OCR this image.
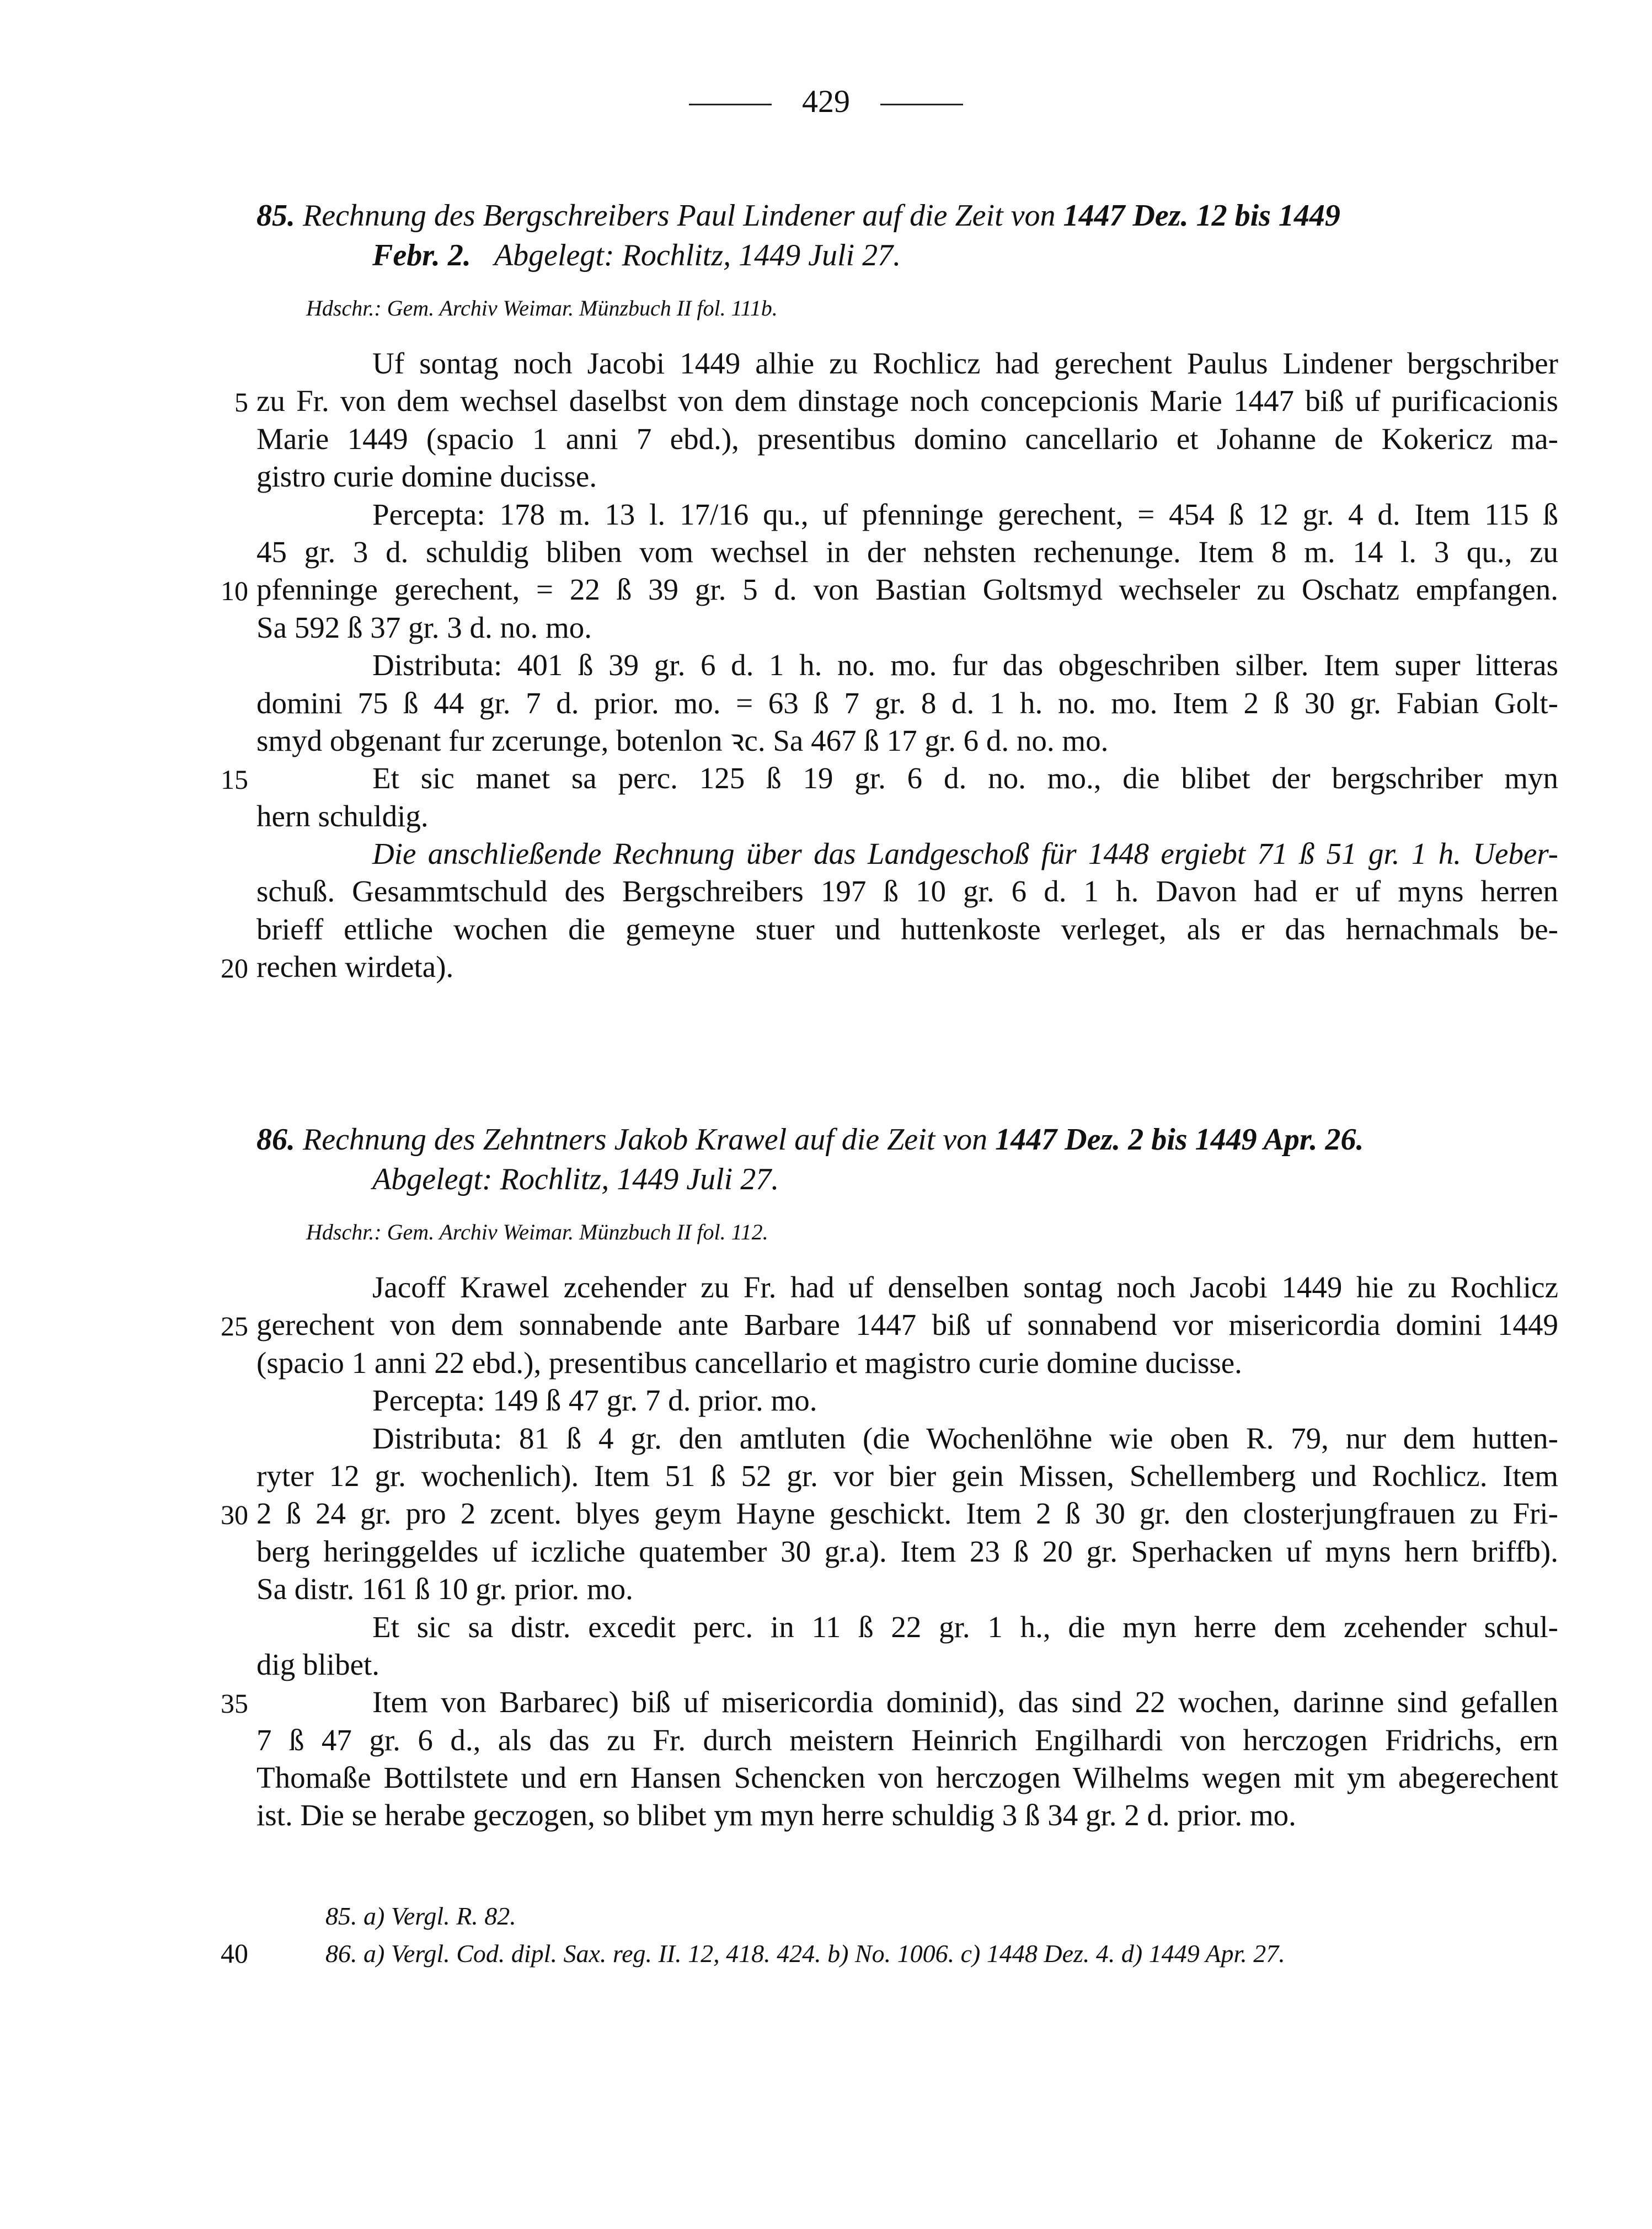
429
85. Rechnung des Bergschreibers Paul Lindener auf die Zeit von 1447 Dez. 12 bis 1449
Febr. 2. Abgelegt: Rochlitz, 1449 Juli 27.
Hdschr.: Gem. Archiv Weimar. Münzbuch II fol. 111b.
Uf sontag noch Jacobi 1449 alhie zu Rochlicz had gerechent Paulus Lindener bergschriber
zu Fr. von dem wechsel daselbst von dem dinstage noch concepcionis Marie 1447 biß uf purificacionis
Marie 1449 (spacio 1 anni 7 ebd.), presentibus domino cancellario et Johanne de Kokericz ma-
gistro curie domine ducisse.
Percepta: 178 m. 13 l. 17/16 qu., uf pfenninge gerechent, = 454 ß 12 gr. 4 d. Item 115 ß
45 gr. 3 d. schuldig bliben vom wechsel in der nehsten rechenunge. Item 8 m. 14 l. 3 qu., zu
pfenninge gerechent, = 22 ß 39 gr. 5 d. von Bastian Goltsmyd wechseler zu Oschatz empfangen.
Sa 592 ß 37 gr. 3 d. no. mo.
Distributa: 401 ß 39 gr. 6 d. 1 h. no. mo. fur das obgeschriben silber. Item super litteras
domini 75 ß 44 gr. 7 d. prior. mo. = 63 ß 7 gr. 8 d. 1 h. no. mo. Item 2 ß 30 gr. Fabian Golt-
smyd obgenant fur zcerunge, botenlon ꝛc. Sa 467 ß 17 gr. 6 d. no. mo.
Et sic manet sa perc. 125 ß 19 gr. 6 d. no. mo., die blibet der bergschriber myn
hern schuldig.
Die anschließende Rechnung über das Landgeschoß für 1448 ergiebt 71 ß 51 gr. 1 h. Ueber-
schuß. Gesammtschuld des Bergschreibers 197 ß 10 gr. 6 d. 1 h. Davon had er uf myns herren
brieff ettliche wochen die gemeyne stuer und huttenkoste verleget, als er das hernachmals be-
rechen wirdeta).
86. Rechnung des Zehntners Jakob Krawel auf die Zeit von 1447 Dez. 2 bis 1449 Apr. 26.
Abgelegt: Rochlitz, 1449 Juli 27.
Hdschr.: Gem. Archiv Weimar. Münzbuch II fol. 112.
Jacoff Krawel zcehender zu Fr. had uf denselben sontag noch Jacobi 1449 hie zu Rochlicz
gerechent von dem sonnabende ante Barbare 1447 biß uf sonnabend vor misericordia domini 1449
(spacio 1 anni 22 ebd.), presentibus cancellario et magistro curie domine ducisse.
Percepta: 149 ß 47 gr. 7 d. prior. mo.
Distributa: 81 ß 4 gr. den amtluten (die Wochenlöhne wie oben R. 79, nur dem hutten-
ryter 12 gr. wochenlich). Item 51 ß 52 gr. vor bier gein Missen, Schellemberg und Rochlicz. Item
2 ß 24 gr. pro 2 zcent. blyes geym Hayne geschickt. Item 2 ß 30 gr. den closterjungfrauen zu Fri-
berg heringgeldes uf iczliche quatember 30 gr.a). Item 23 ß 20 gr. Sperhacken uf myns hern briffb).
Sa distr. 161 ß 10 gr. prior. mo.
Et sic sa distr. excedit perc. in 11 ß 22 gr. 1 h., die myn herre dem zcehender schul-
dig blibet.
Item von Barbarec) biß uf misericordia dominid), das sind 22 wochen, darinne sind gefallen
7 ß 47 gr. 6 d., als das zu Fr. durch meistern Heinrich Engilhardi von herczogen Fridrichs, ern
Thomaße Bottilstete und ern Hansen Schencken von herczogen Wilhelms wegen mit ym abegerechent
ist. Die se herabe geczogen, so blibet ym myn herre schuldig 3 ß 34 gr. 2 d. prior. mo.
5
10
15
20
25
30
35
40
85. a) Vergl. R. 82.
86. a) Vergl. Cod. dipl. Sax. reg. II. 12, 418. 424. b) No. 1006. c) 1448 Dez. 4. d) 1449 Apr. 27.
